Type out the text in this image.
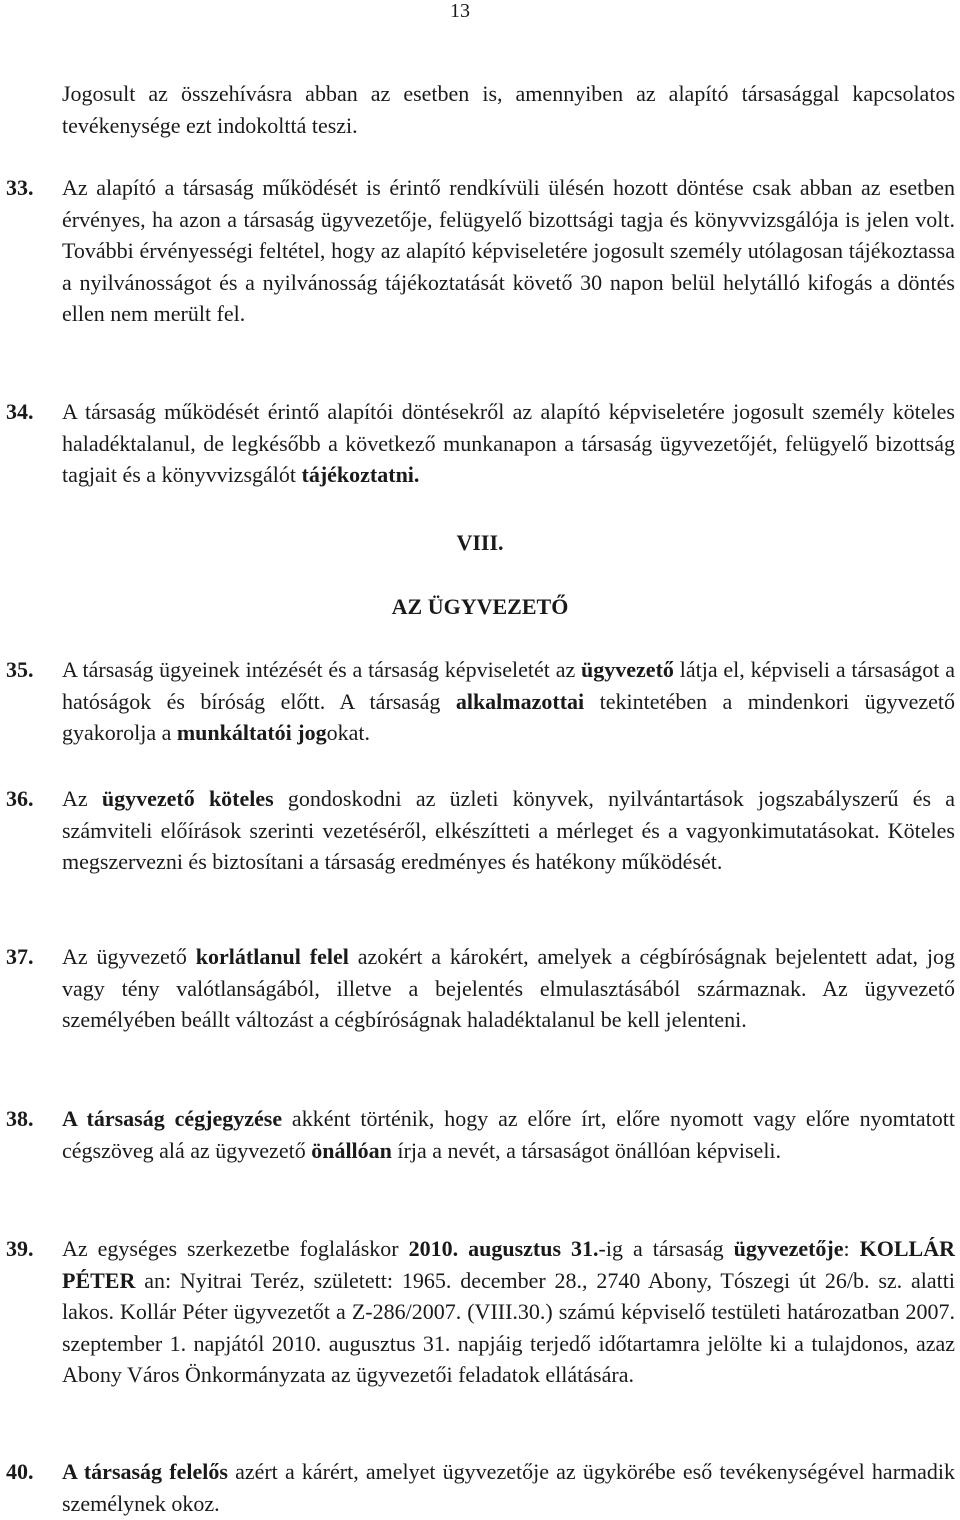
13

Jogosult az összehívásra abban az esetben is, amennyiben az alapító társasággal kapcsolatos tevékenysége ezt indokolttá teszi.

33. Az alapító a társaság működését is érintő rendkívüli ülésén hozott döntése csak abban az esetben érvényes, ha azon a társaság ügyvezetője, felügyelő bizottsági tagja és könyvvizsgálója is jelen volt. További érvényességi feltétel, hogy az alapító képviseletére jogosult személy utólagosan tájékoztassa a nyilvánosságot és a nyilvánosság tájékoztatását követő 30 napon belül helytálló kifogás a döntés ellen nem merült fel.

34. A társaság működését érintő alapítói döntésekről az alapító képviseletére jogosult személy köteles haladéktalanul, de legkésőbb a következő munkanapon a társaság ügyvezetőjét, felügyelő bizottság tagjait és a könyvvizsgálót tájékoztatni.

VIII.
AZ ÜGYVEZETŐ

35. A társaság ügyeinek intézését és a társaság képviseletét az ügyvezető látja el, képviseli a társaságot a hatóságok és bíróság előtt. A társaság alkalmazottai tekintetében a mindenkori ügyvezető gyakorolja a munkáltatói jogokat.

36. Az ügyvezető köteles gondoskodni az üzleti könyvek, nyilvántartások jogszabályszerű és a számviteli előírások szerinti vezetéséről, elkészítteti a mérleget és a vagyonkimutatásokat. Köteles megszervezni és biztosítani a társaság eredményes és hatékony működését.

37. Az ügyvezető korlátlanul felel azokért a károkért, amelyek a cégbíróságnak bejelentett adat, jog vagy tény valótlanságából, illetve a bejelentés elmulasztásából származnak. Az ügyvezető személyében beállt változást a cégbíróságnak haladéktalanul be kell jelenteni.

38. A társaság cégjegyzése akként történik, hogy az előre írt, előre nyomott vagy előre nyomtatott cégszöveg alá az ügyvezető önállóan írja a nevét, a társaságot önállóan képviseli.

39. Az egységes szerkezetbe foglaláskor 2010. augusztus 31.-ig a társaság ügyvezetője: KOLLÁR PÉTER an: Nyitrai Teréz, született: 1965. december 28., 2740 Abony, Tószegi út 26/b. sz. alatti lakos. Kollár Péter ügyvezetőt a Z-286/2007. (VIII.30.) számú képviselő testületi határozatban 2007. szeptember 1. napjától 2010. augusztus 31. napjáig terjedő időtartamra jelölte ki a tulajdonos, azaz Abony Város Önkormányzata az ügyvezetői feladatok ellátására.

40. A társaság felelős azért a kárért, amelyet ügyvezetője az ügykörébe eső tevékenységével harmadik személynek okoz.
